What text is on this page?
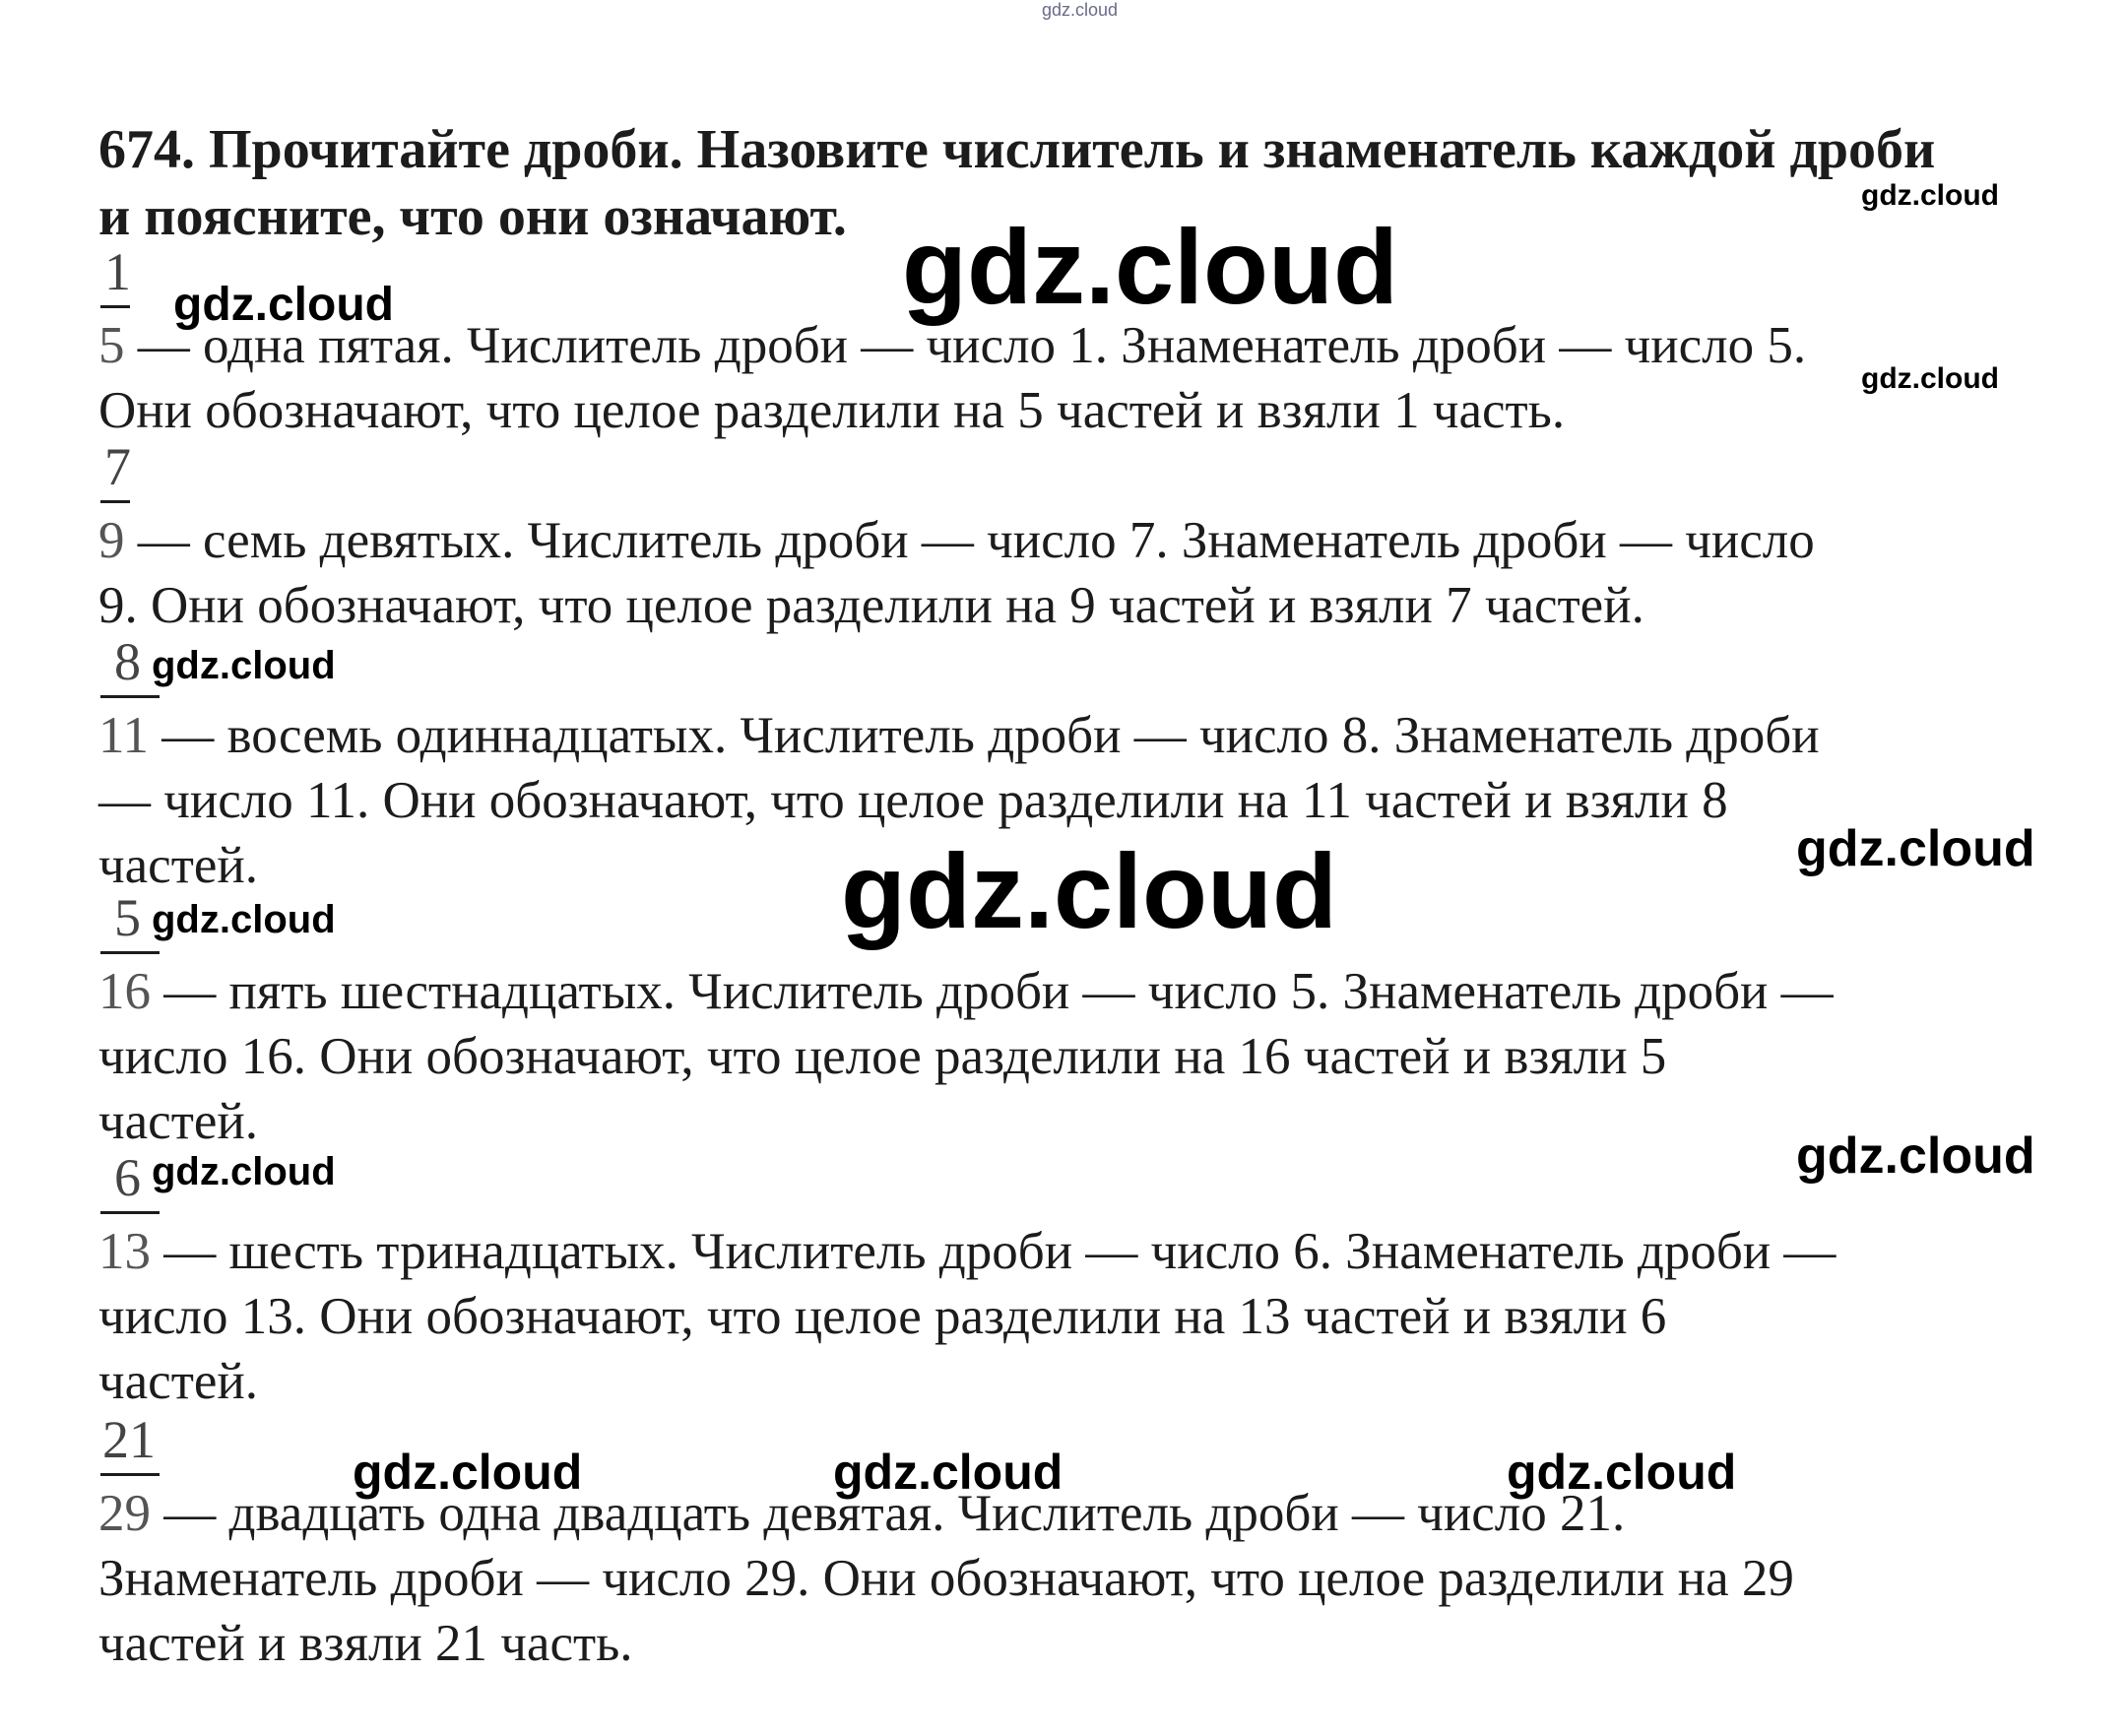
gdz.cloud
674. Прочитайте дроби. Назовите числитель и знаменатель каждой дроби
и поясните, что они означают.
1
5 — одна пятая. Числитель дроби — число 1. Знаменатель дроби — число 5.
Они обозначают, что целое разделили на 5 частей и взяли 1 часть.
7
9 — семь девятых. Числитель дроби — число 7. Знаменатель дроби — число
9. Они обозначают, что целое разделили на 9 частей и взяли 7 частей.
8
11 — восемь одиннадцатых. Числитель дроби — число 8. Знаменатель дроби
— число 11. Они обозначают, что целое разделили на 11 частей и взяли 8
частей.
5
16 — пять шестнадцатых. Числитель дроби — число 5. Знаменатель дроби —
число 16. Они обозначают, что целое разделили на 16 частей и взяли 5
частей.
6
13 — шесть тринадцатых. Числитель дроби — число 6. Знаменатель дроби —
число 13. Они обозначают, что целое разделили на 13 частей и взяли 6
частей.
21
29 — двадцать одна двадцать девятая. Числитель дроби — число 21.
Знаменатель дроби — число 29. Они обозначают, что целое разделили на 29
частей и взяли 21 часть.
gdz.cloud
gdz.cloud
gdz.cloud
gdz.cloud
gdz.cloud
gdz.cloud	gdz.cloud	gdz.cloud
gdz.cloud
gdz.cloud
gdz.cloud
gdz.cloud
gdz.cloud
